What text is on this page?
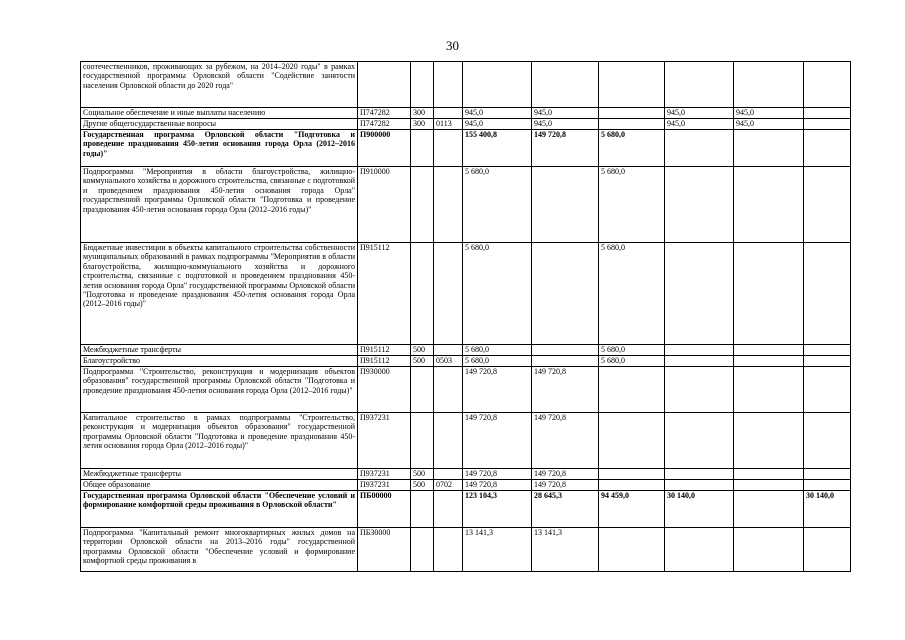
30
соотечественников, проживающих за рубежом, на 2014–2020 годы" в рамках государственной программы Орловской области "Содействие занятости населения Орловской области до 2020 года"									
Социальное обеспечение и иные выплаты населению	П747282	300		945,0	945,0		945,0	945,0	
Другие общегосударственные вопросы	П747282	300	0113	945,0	945,0		945,0	945,0	
Государственная программа Орловской области "Подготовка и проведение празднования 450-летия основания города Орла (2012–2016 годы)"	П900000			155 400,8	149 720,8	5 680,0			
Подпрограмма "Мероприятия в области благоустройства, жилищно-коммунального хозяйства и дорожного строительства, связанные с подготовкой и проведением празднования 450-летия основания города Орла" государственной программы Орловской области "Подготовка и проведение празднования 450-летия основания города Орла (2012–2016 годы)"	П910000			5 680,0		5 680,0			
Бюджетные инвестиции в объекты капитального строительства собственности муниципальных образований в рамках подпрограммы "Мероприятия в области благоустройства, жилищно-коммунального хозяйства и дорожного строительства, связанные с подготовкой и проведением празднования 450-летия основания города Орла" государственной программы Орловской области "Подготовка и проведение празднования 450-летия основания города Орла (2012–2016 годы)"	П915112			5 680,0		5 680,0			
Межбюджетные трансферты	П915112	500		5 680,0		5 680,0			
Благоустройство	П915112	500	0503	5 680,0		5 680,0			
Подпрограмма "Строительство, реконструкция и модернизация объектов образования" государственной программы Орловской области "Подготовка и проведение празднования 450-летия основания города Орла (2012–2016 годы)"	П930000			149 720,8	149 720,8				
Капитальное строительство в рамках подпрограммы "Строительство, реконструкция и модернизация объектов образования" государственной программы Орловской области "Подготовка и проведение празднования 450-летия основания города Орла (2012–2016 годы)"	П937231			149 720,8	149 720,8				
Межбюджетные трансферты	П937231	500		149 720,8	149 720,8				
Общее образование	П937231	500	0702	149 720,8	149 720,8				
Государственная программа Орловской области "Обеспечение условий и формирование комфортной среды проживания в Орловской области"	ПБ00000			123 104,3	28 645,3	94 459,0	30 140,0		30 140,0
Подпрограмма "Капитальный ремонт многоквартирных жилых домов на территории Орловской области на 2013–2016 годы" государственной программы Орловской области "Обеспечение условий и формирование комфортной среды проживания в	ПБ30000			13 141,3	13 141,3				
